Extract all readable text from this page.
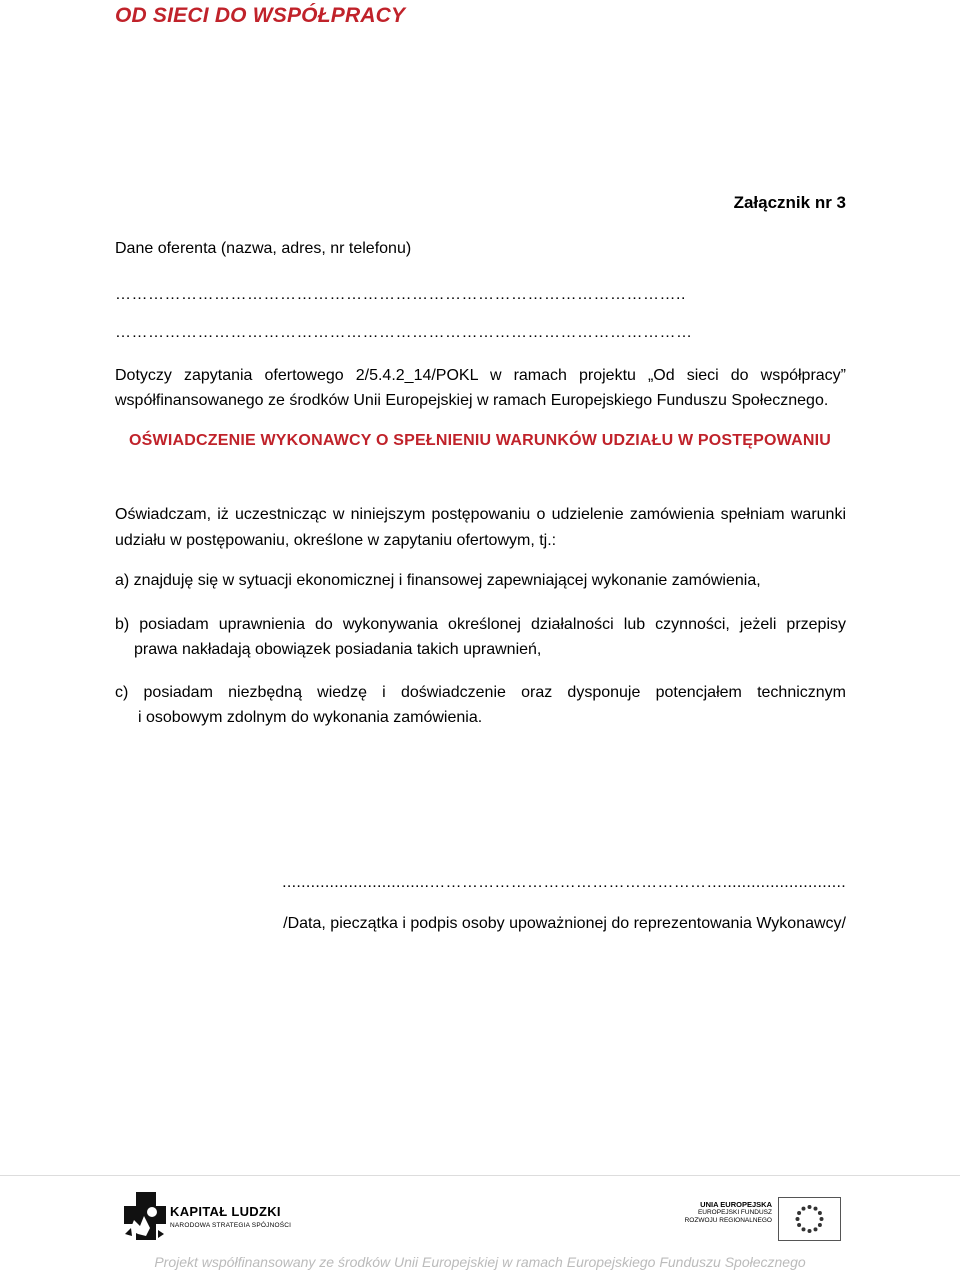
OD SIECI DO WSPÓŁPRACY
Załącznik nr 3
Dane oferenta (nazwa, adres, nr telefonu)
…………………………………………………………………………………………..
……………………………………………………………………………………………
Dotyczy zapytania ofertowego 2/5.4.2_14/POKL w ramach projektu „Od sieci do współpracy”
współfinansowanego ze środków Unii Europejskiej w ramach Europejskiego Funduszu Społecznego.
OŚWIADCZENIE WYKONAWCY O SPEŁNIENIU WARUNKÓW UDZIAŁU W POSTĘPOWANIU
Oświadczam, iż uczestnicząc w niniejszym postępowaniu o udzielenie zamówienia spełniam warunki
udziału w postępowaniu, określone w zapytaniu ofertowym, tj.:
a) znajduję się w sytuacji ekonomicznej i finansowej zapewniającej wykonanie zamówienia,
b) posiadam uprawnienia do wykonywania określonej działalności lub czynności, jeżeli przepisy
prawa nakładają obowiązek posiadania takich uprawnień,
c) posiadam niezbędną wiedzę i doświadczenie oraz dysponuje potencjałem technicznym
i osobowym zdolnym do wykonania zamówienia.
...............................………………………………………………..........................
/Data, pieczątka i podpis osoby upoważnionej do reprezentowania Wykonawcy/
KAPITAŁ LUDZKI
NARODOWA STRATEGIA SPÓJNOŚCI
UNIA EUROPEJSKA
EUROPEJSKI FUNDUSZ
ROZWOJU REGIONALNEGO
Projekt współfinansowany ze środków Unii Europejskiej w ramach Europejskiego Funduszu Społecznego
